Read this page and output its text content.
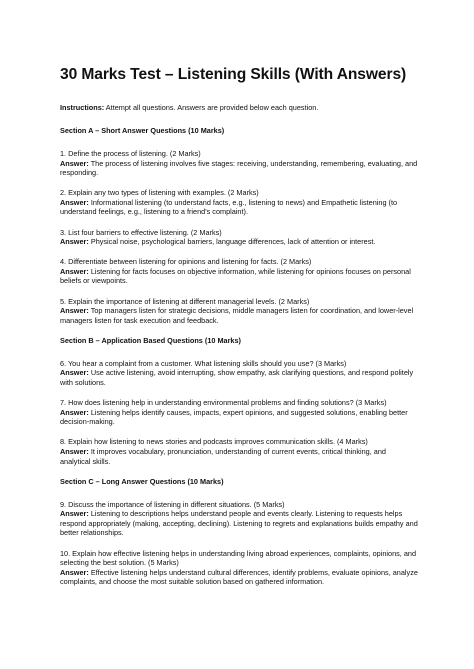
30 Marks Test – Listening Skills (With Answers)

Instructions: Attempt all questions. Answers are provided below each question.

Section A – Short Answer Questions (10 Marks)

1. Define the process of listening. (2 Marks)

Answer: The process of listening involves five stages: receiving, understanding, remembering, evaluating, and responding.

2. Explain any two types of listening with examples. (2 Marks)

Answer: Informational listening (to understand facts, e.g., listening to news) and Empathetic listening (to understand feelings, e.g., listening to a friend's complaint).

3. List four barriers to effective listening. (2 Marks)

Answer: Physical noise, psychological barriers, language differences, lack of attention or interest.

4. Differentiate between listening for opinions and listening for facts. (2 Marks)

Answer: Listening for facts focuses on objective information, while listening for opinions focuses on personal beliefs or viewpoints.

5. Explain the importance of listening at different managerial levels. (2 Marks)

Answer: Top managers listen for strategic decisions, middle managers listen for coordination, and lower-level managers listen for task execution and feedback.

Section B – Application Based Questions (10 Marks)

6. You hear a complaint from a customer. What listening skills should you use? (3 Marks)

Answer: Use active listening, avoid interrupting, show empathy, ask clarifying questions, and respond politely with solutions.

7. How does listening help in understanding environmental problems and finding solutions? (3 Marks)

Answer: Listening helps identify causes, impacts, expert opinions, and suggested solutions, enabling better decision-making.

8. Explain how listening to news stories and podcasts improves communication skills. (4 Marks)

Answer: It improves vocabulary, pronunciation, understanding of current events, critical thinking, and analytical skills.

Section C – Long Answer Questions (10 Marks)

9. Discuss the importance of listening in different situations. (5 Marks)

Answer: Listening to descriptions helps understand people and events clearly. Listening to requests helps respond appropriately (making, accepting, declining). Listening to regrets and explanations builds empathy and better relationships.

10. Explain how effective listening helps in understanding living abroad experiences, complaints, opinions, and selecting the best solution. (5 Marks)

Answer: Effective listening helps understand cultural differences, identify problems, evaluate opinions, analyze complaints, and choose the most suitable solution based on gathered information.
